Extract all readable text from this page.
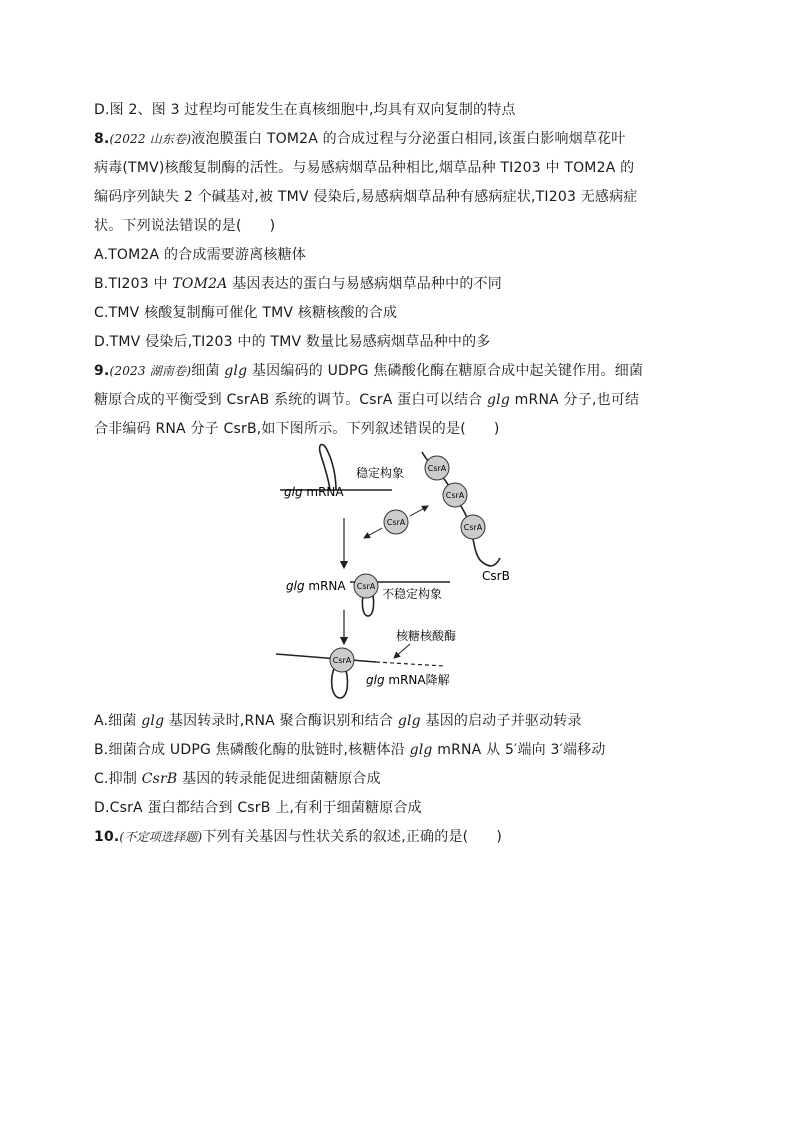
D.图 2、图 3 过程均可能发生在真核细胞中,均具有双向复制的特点
8.(2022 山东卷)液泡膜蛋白 TOM2A 的合成过程与分泌蛋白相同,该蛋白影响烟草花叶
病毒(TMV)核酸复制酶的活性。与易感病烟草品种相比,烟草品种 TI203 中 TOM2A 的
编码序列缺失 2 个碱基对,被 TMV 侵染后,易感病烟草品种有感病症状,TI203 无感病症
状。下列说法错误的是( )
A.TOM2A 的合成需要游离核糖体
B.TI203 中 TOM2A 基因表达的蛋白与易感病烟草品种中的不同
C.TMV 核酸复制酶可催化 TMV 核糖核酸的合成
D.TMV 侵染后,TI203 中的 TMV 数量比易感病烟草品种中的多
9.(2023 湖南卷)细菌 glg 基因编码的 UDPG 焦磷酸化酶在糖原合成中起关键作用。细菌
糖原合成的平衡受到 CsrAB 系统的调节。CsrA 蛋白可以结合 glg mRNA 分子,也可结
合非编码 RNA 分子 CsrB,如下图所示。下列叙述错误的是( )
稳定构象
glg mRNA
CsrA
CsrA
CsrA
CsrB
CsrA
CsrA
glg mRNA
不稳定构象
核糖核酸酶
CsrA
glg mRNA降解
A.细菌 glg 基因转录时,RNA 聚合酶识别和结合 glg 基因的启动子并驱动转录
B.细菌合成 UDPG 焦磷酸化酶的肽链时,核糖体沿 glg mRNA 从 5′端向 3′端移动
C.抑制 CsrB 基因的转录能促进细菌糖原合成
D.CsrA 蛋白都结合到 CsrB 上,有利于细菌糖原合成
10.(不定项选择题)下列有关基因与性状关系的叙述,正确的是( )
